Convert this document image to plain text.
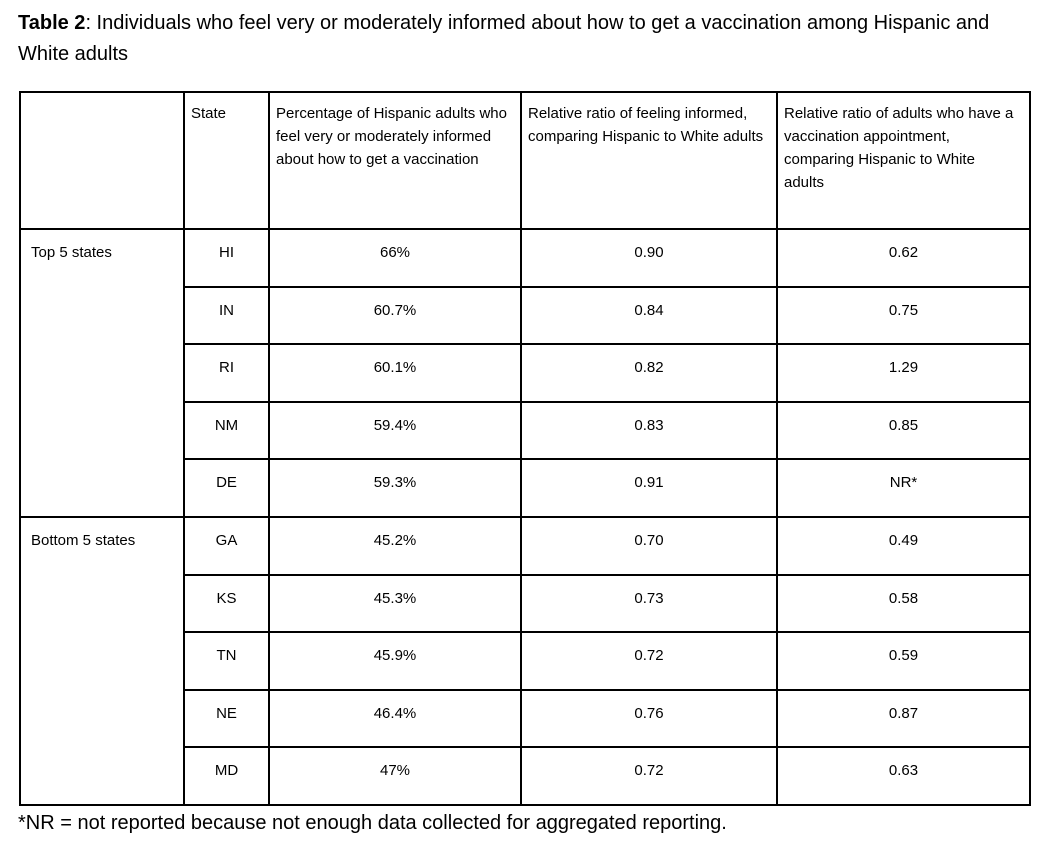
Table 2: Individuals who feel very or moderately informed about how to get a vaccination among Hispanic and White adults

	State	Percentage of Hispanic adults who feel very or moderately informed about how to get a vaccination	Relative ratio of feeling informed, comparing Hispanic to White adults	Relative ratio of adults who have a vaccination appointment, comparing Hispanic to White adults
Top 5 states	HI	66%	0.90	0.62
	IN	60.7%	0.84	0.75
	RI	60.1%	0.82	1.29
	NM	59.4%	0.83	0.85
	DE	59.3%	0.91	NR*
Bottom 5 states	GA	45.2%	0.70	0.49
	KS	45.3%	0.73	0.58
	TN	45.9%	0.72	0.59
	NE	46.4%	0.76	0.87
	MD	47%	0.72	0.63

*NR = not reported because not enough data collected for aggregated reporting.
